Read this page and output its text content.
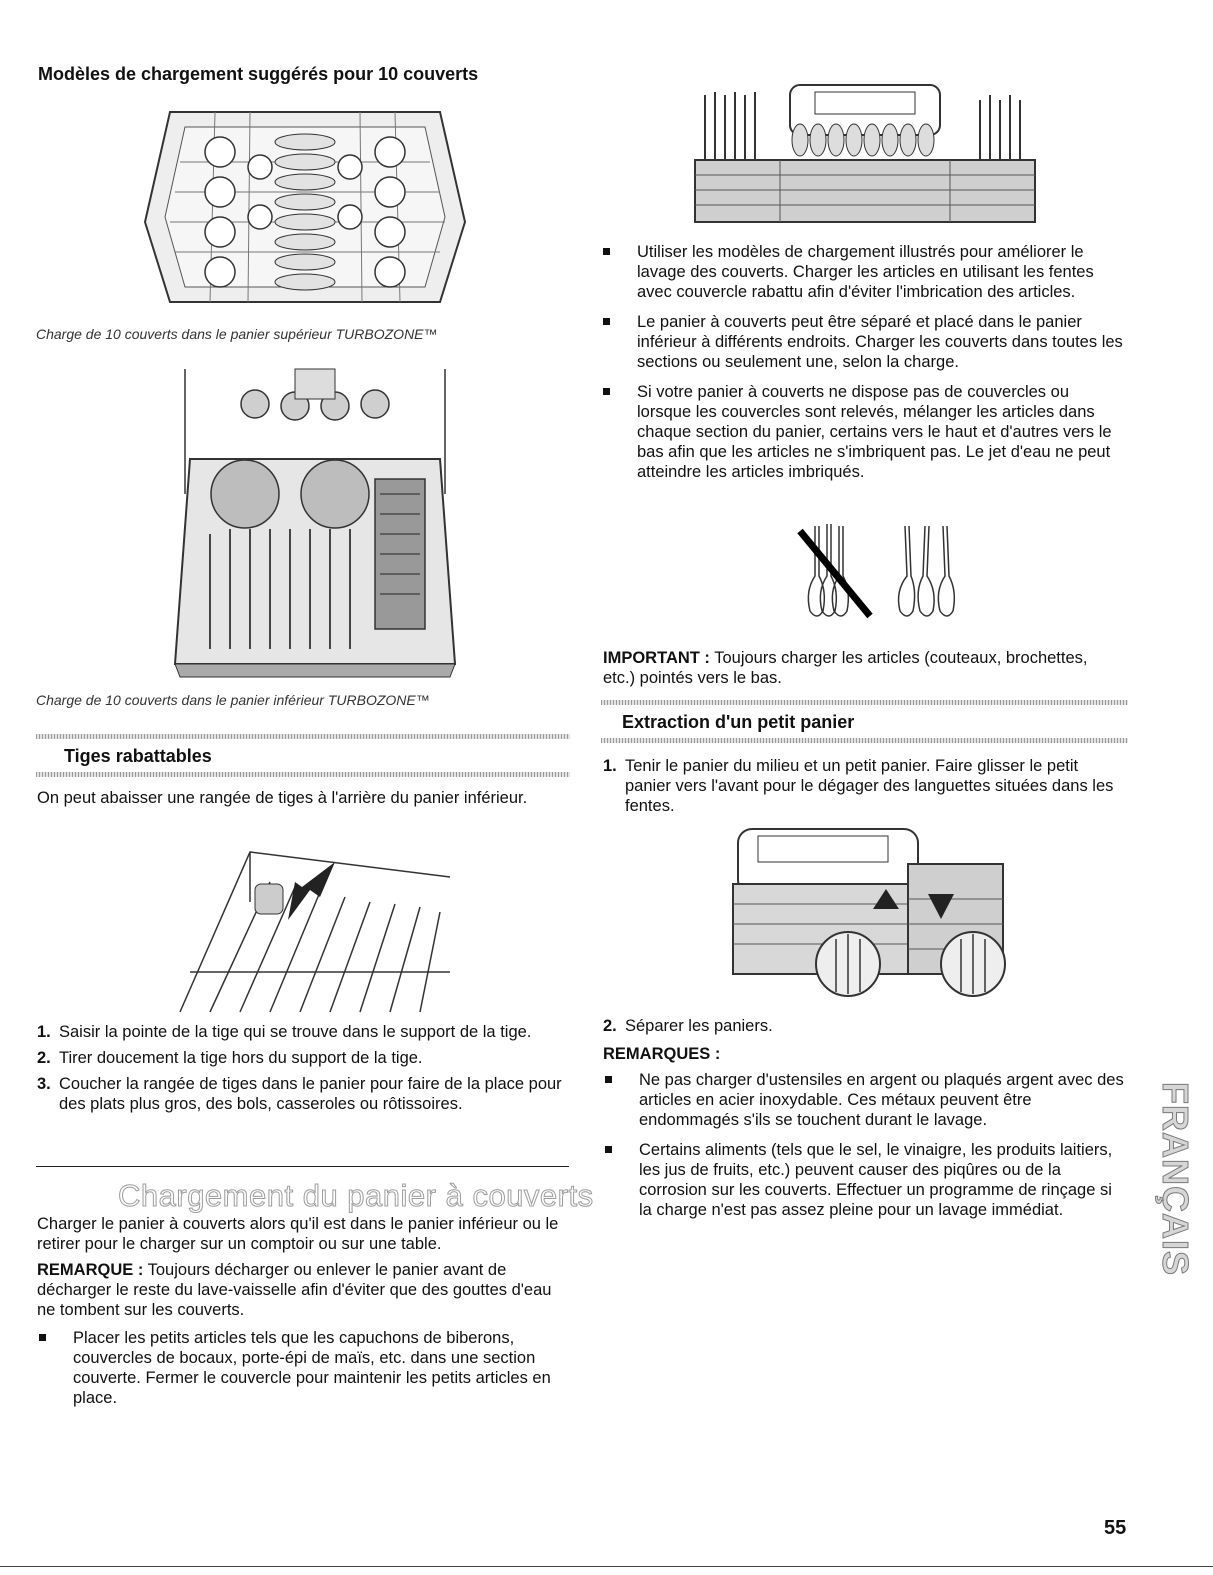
Modèles de chargement suggérés pour 10 couverts
Charge de 10 couverts dans le panier supérieur TURBOZONE™
Charge de 10 couverts dans le panier inférieur TURBOZONE™
Tiges rabattables

On peut abaisser une rangée de tiges à l'arrière du panier inférieur.

1. Saisir la pointe de la tige qui se trouve dans le support de la tige.
2. Tirer doucement la tige hors du support de la tige.
3. Coucher la rangée de tiges dans le panier pour faire de la place pour des plats plus gros, des bols, casseroles ou rôtissoires.
Chargement du panier à couverts

Charger le panier à couverts alors qu'il est dans le panier inférieur ou le retirer pour le charger sur un comptoir ou sur une table.

REMARQUE : Toujours décharger ou enlever le panier avant de décharger le reste du lave-vaisselle afin d'éviter que des gouttes d'eau ne tombent sur les couverts.

Placer les petits articles tels que les capuchons de biberons, couvercles de bocaux, porte-épi de maïs, etc. dans une section couverte. Fermer le couvercle pour maintenir les petits articles en place.
Utiliser les modèles de chargement illustrés pour améliorer le lavage des couverts. Charger les articles en utilisant les fentes avec couvercle rabattu afin d'éviter l'imbrication des articles.
Le panier à couverts peut être séparé et placé dans le panier inférieur à différents endroits. Charger les couverts dans toutes les sections ou seulement une, selon la charge.
Si votre panier à couverts ne dispose pas de couvercles ou lorsque les couvercles sont relevés, mélanger les articles dans chaque section du panier, certains vers le haut et d'autres vers le bas afin que les articles ne s'imbriquent pas. Le jet d'eau ne peut atteindre les articles imbriqués.

IMPORTANT : Toujours charger les articles (couteaux, brochettes, etc.) pointés vers le bas.

Extraction d'un petit panier
1. Tenir le panier du milieu et un petit panier. Faire glisser le petit panier vers l'avant pour le dégager des languettes situées dans les fentes.
2. Séparer les paniers.

REMARQUES :

Ne pas charger d'ustensiles en argent ou plaqués argent avec des articles en acier inoxydable. Ces métaux peuvent être endommagés s'ils se touchent durant le lavage.
Certains aliments (tels que le sel, le vinaigre, les produits laitiers, les jus de fruits, etc.) peuvent causer des piqûres ou de la corrosion sur les couverts. Effectuer un programme de rinçage si la charge n'est pas assez pleine pour un lavage immédiat.	FRANÇAIS
55
